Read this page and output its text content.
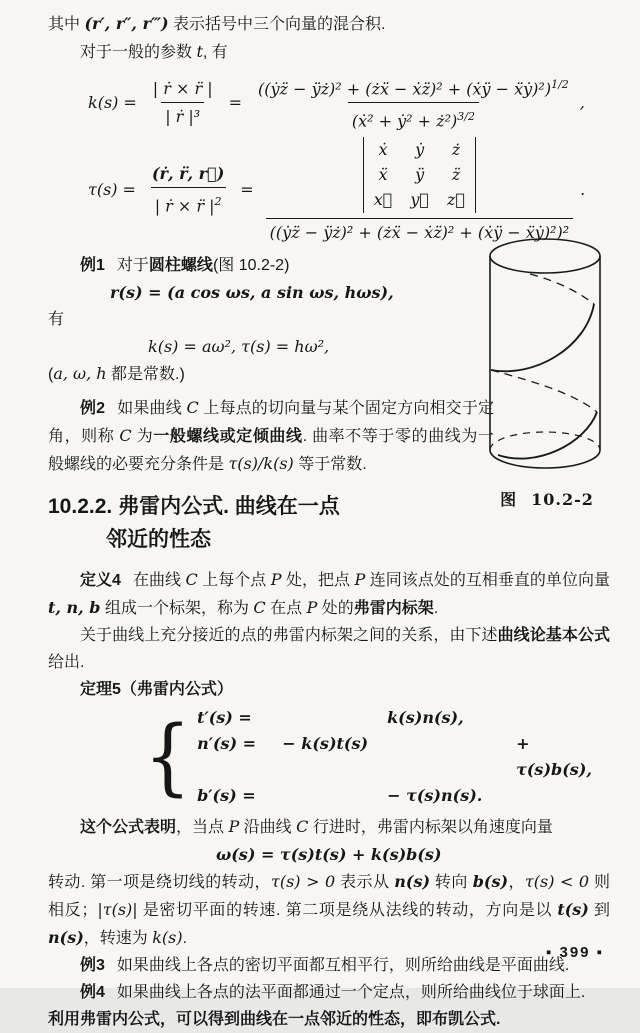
其中 (r′, r″, r‴) 表示括号中三个向量的混合积.
对于一般的参数 t, 有
$k(s) = \frac{\text{| ṙ × r̈ |}}{\text{| ṙ |³}} = \frac{((ẏz̈ - ÿż)^2 + (żẍ - ẋz̈)^2 + (ẋÿ - ẍẏ)^2)^{1/2}}{(ẋ^2 + ẏ^2 + ż^2)^{3/2}}$ ,
$\tau(s) = \frac{\text{(ṙ, r̈, r⃛)}}{| ṙ \times r̈ |^2}$ =
ẋ ẏ ż
ẍ ÿ z̈
x⃛ y⃛ z⃛
((ẏz̈ − ÿż)² + (żẍ − ẋz̈)² + (ẋÿ − ẍẏ)²)²
.
图 10.2-2
例1 对于圆柱螺线(图 10.2-2)
r(s) = (a cos ωs, a sin ωs, hωs),
有
k(s) = aω², τ(s) = hω²,
(a, ω, h 都是常数.)
例2 如果曲线 C 上每点的切向量与某个固定方向相交于定角，则称 C 为一般螺线或定倾曲线. 曲率不等于零的曲线为一般螺线的必要充分条件是 τ(s)/k(s) 等于常数.
10.2.2. 弗雷内公式. 曲线在一点
邻近的性态
定义4 在曲线 C 上每个点 P 处，把点 P 连同该点处的互相垂直的单位向量 t, n, b 组成一个标架，称为 C 在点 P 处的弗雷内标架.
关于曲线上充分接近的点的弗雷内标架之间的关系，由下述曲线论基本公式给出.
定理5（弗雷内公式）
{ t′(s) =	k(s)n(s),
n′(s) =	− k(s)t(s)	+ τ(s)b(s),
b′(s) =	− τ(s)n(s).
这个公式表明，当点 P 沿曲线 C 行进时，弗雷内标架以角速度向量
ω(s) = τ(s)t(s) + k(s)b(s)
转动. 第一项是绕切线的转动，τ(s) > 0 表示从 n(s) 转向 b(s)，τ(s) < 0 则相反；|τ(s)| 是密切平面的转速. 第二项是绕从法线的转动，方向是以 t(s) 到 n(s)，转速为 k(s).
例3 如果曲线上各点的密切平面都互相平行，则所给曲线是平面曲线.
例4 如果曲线上各点的法平面都通过一个定点，则所给曲线位于球面上.
利用弗雷内公式，可以得到曲线在一点邻近的性态，即布凯公式.
▪ 399 ▪
